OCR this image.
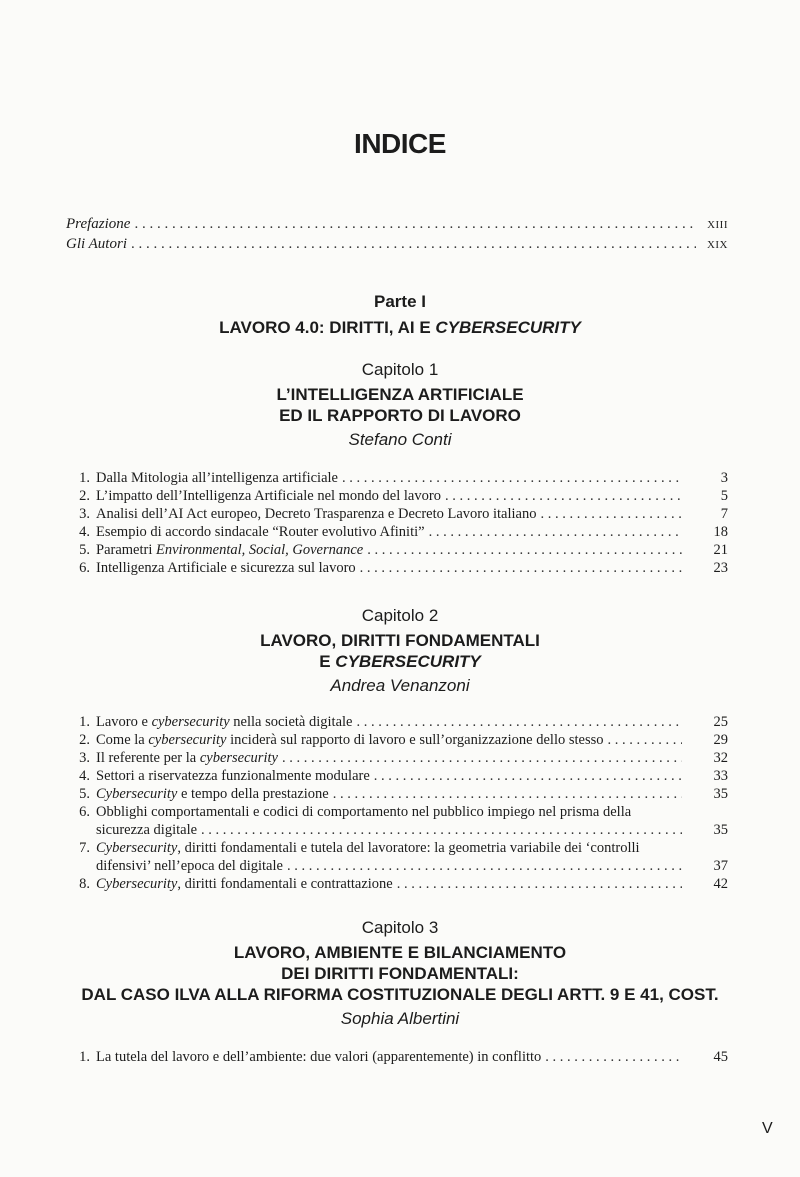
INDICE
Prefazione . . .	XIII
Gli Autori . . .	XIX
Parte I
LAVORO 4.0: DIRITTI, AI E CYBERSECURITY
Capitolo 1
L’INTELLIGENZA ARTIFICIALE
ED IL RAPPORTO DI LAVORO
Stefano Conti
1. Dalla Mitologia all’intelligenza artificiale . . .	3
2. L’impatto dell’Intelligenza Artificiale nel mondo del lavoro . . .	5
3. Analisi dell’AI Act europeo, Decreto Trasparenza e Decreto Lavoro italiano . . .	7
4. Esempio di accordo sindacale “Router evolutivo Afiniti” . . .	18
5. Parametri Environmental, Social, Governance . . .	21
6. Intelligenza Artificiale e sicurezza sul lavoro . . .	23
Capitolo 2
LAVORO, DIRITTI FONDAMENTALI
E CYBERSECURITY
Andrea Venanzoni
1. Lavoro e cybersecurity nella società digitale . . .	25
2. Come la cybersecurity inciderà sul rapporto di lavoro e sull’organizzazione dello stesso . . .	29
3. Il referente per la cybersecurity . . .	32
4. Settori a riservatezza funzionalmente modulare . . .	33
5. Cybersecurity e tempo della prestazione . . .	35
6. Obblighi comportamentali e codici di comportamento nel pubblico impiego nel prisma della
sicurezza digitale . . .	35
7. Cybersecurity, diritti fondamentali e tutela del lavoratore: la geometria variabile dei ‘controlli
difensivi’ nell’epoca del digitale . . .	37
8. Cybersecurity, diritti fondamentali e contrattazione . . .	42
Capitolo 3
LAVORO, AMBIENTE E BILANCIAMENTO
DEI DIRITTI FONDAMENTALI:
DAL CASO ILVA ALLA RIFORMA COSTITUZIONALE DEGLI ARTT. 9 E 41, COST.
Sophia Albertini
1. La tutela del lavoro e dell’ambiente: due valori (apparentemente) in conflitto . . .	45
V
